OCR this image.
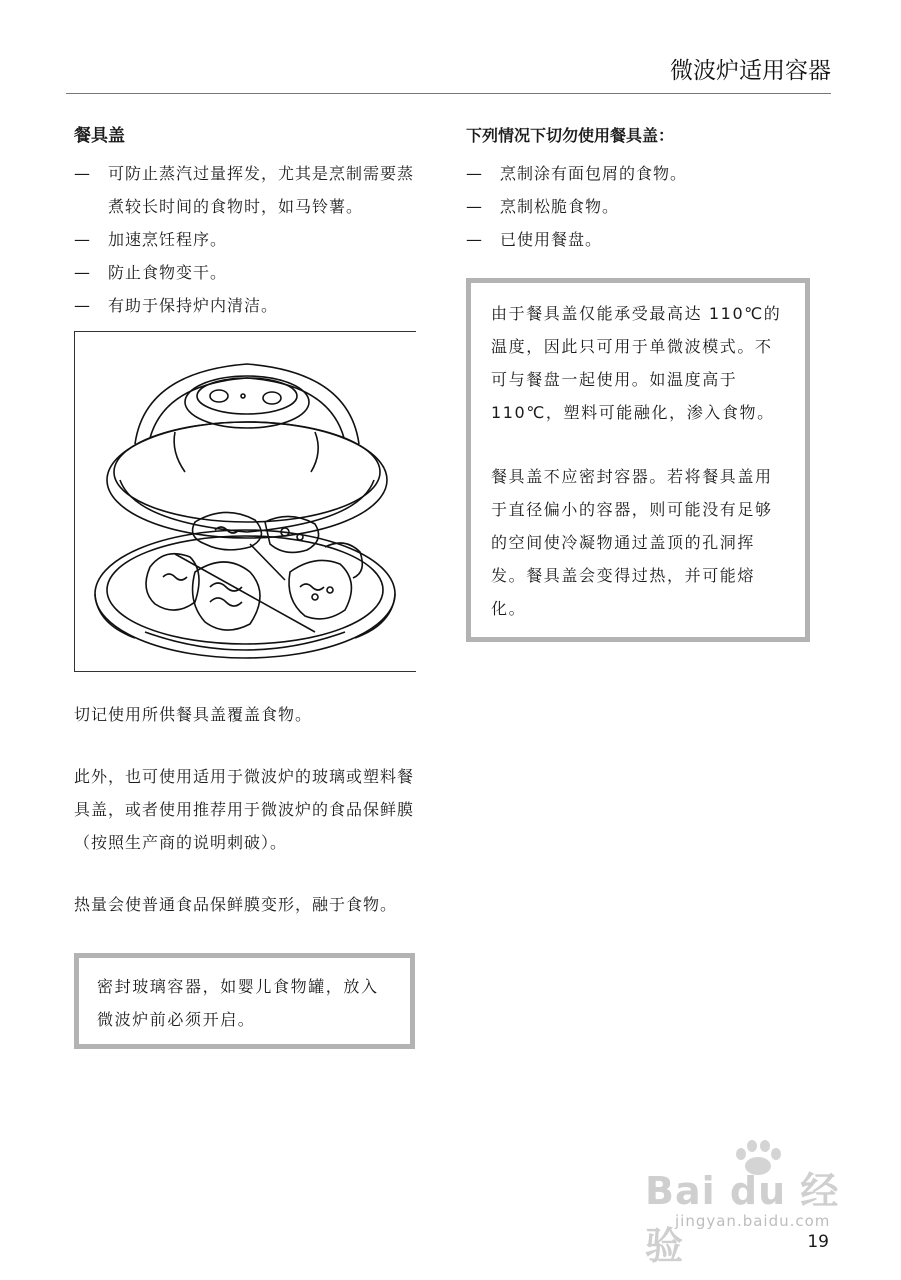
微波炉适用容器
餐具盖
—	可防止蒸汽过量挥发，尤其是烹制需要蒸煮较长时间的食物时，如马铃薯。
—	加速烹饪程序。
—	防止食物变干。
—	有助于保持炉内清洁。

切记使用所供餐具盖覆盖食物。

此外，也可使用适用于微波炉的玻璃或塑料餐具盖，或者使用推荐用于微波炉的食品保鲜膜（按照生产商的说明刺破）。

热量会使普通食品保鲜膜变形，融于食物。

密封玻璃容器，如婴儿食物罐，放入微波炉前必须开启。

下列情况下切勿使用餐具盖：
—	烹制涂有面包屑的食物。
—	烹制松脆食物。
—	已使用餐盘。

由于餐具盖仅能承受最高达 110℃的温度，因此只可用于单微波模式。不可与餐盘一起使用。如温度高于 110℃，塑料可能融化，渗入食物。

餐具盖不应密封容器。若将餐具盖用于直径偏小的容器，则可能没有足够的空间使冷凝物通过盖顶的孔洞挥发。餐具盖会变得过热，并可能熔化。

Bai du 经验
jingyan.baidu.com
19
